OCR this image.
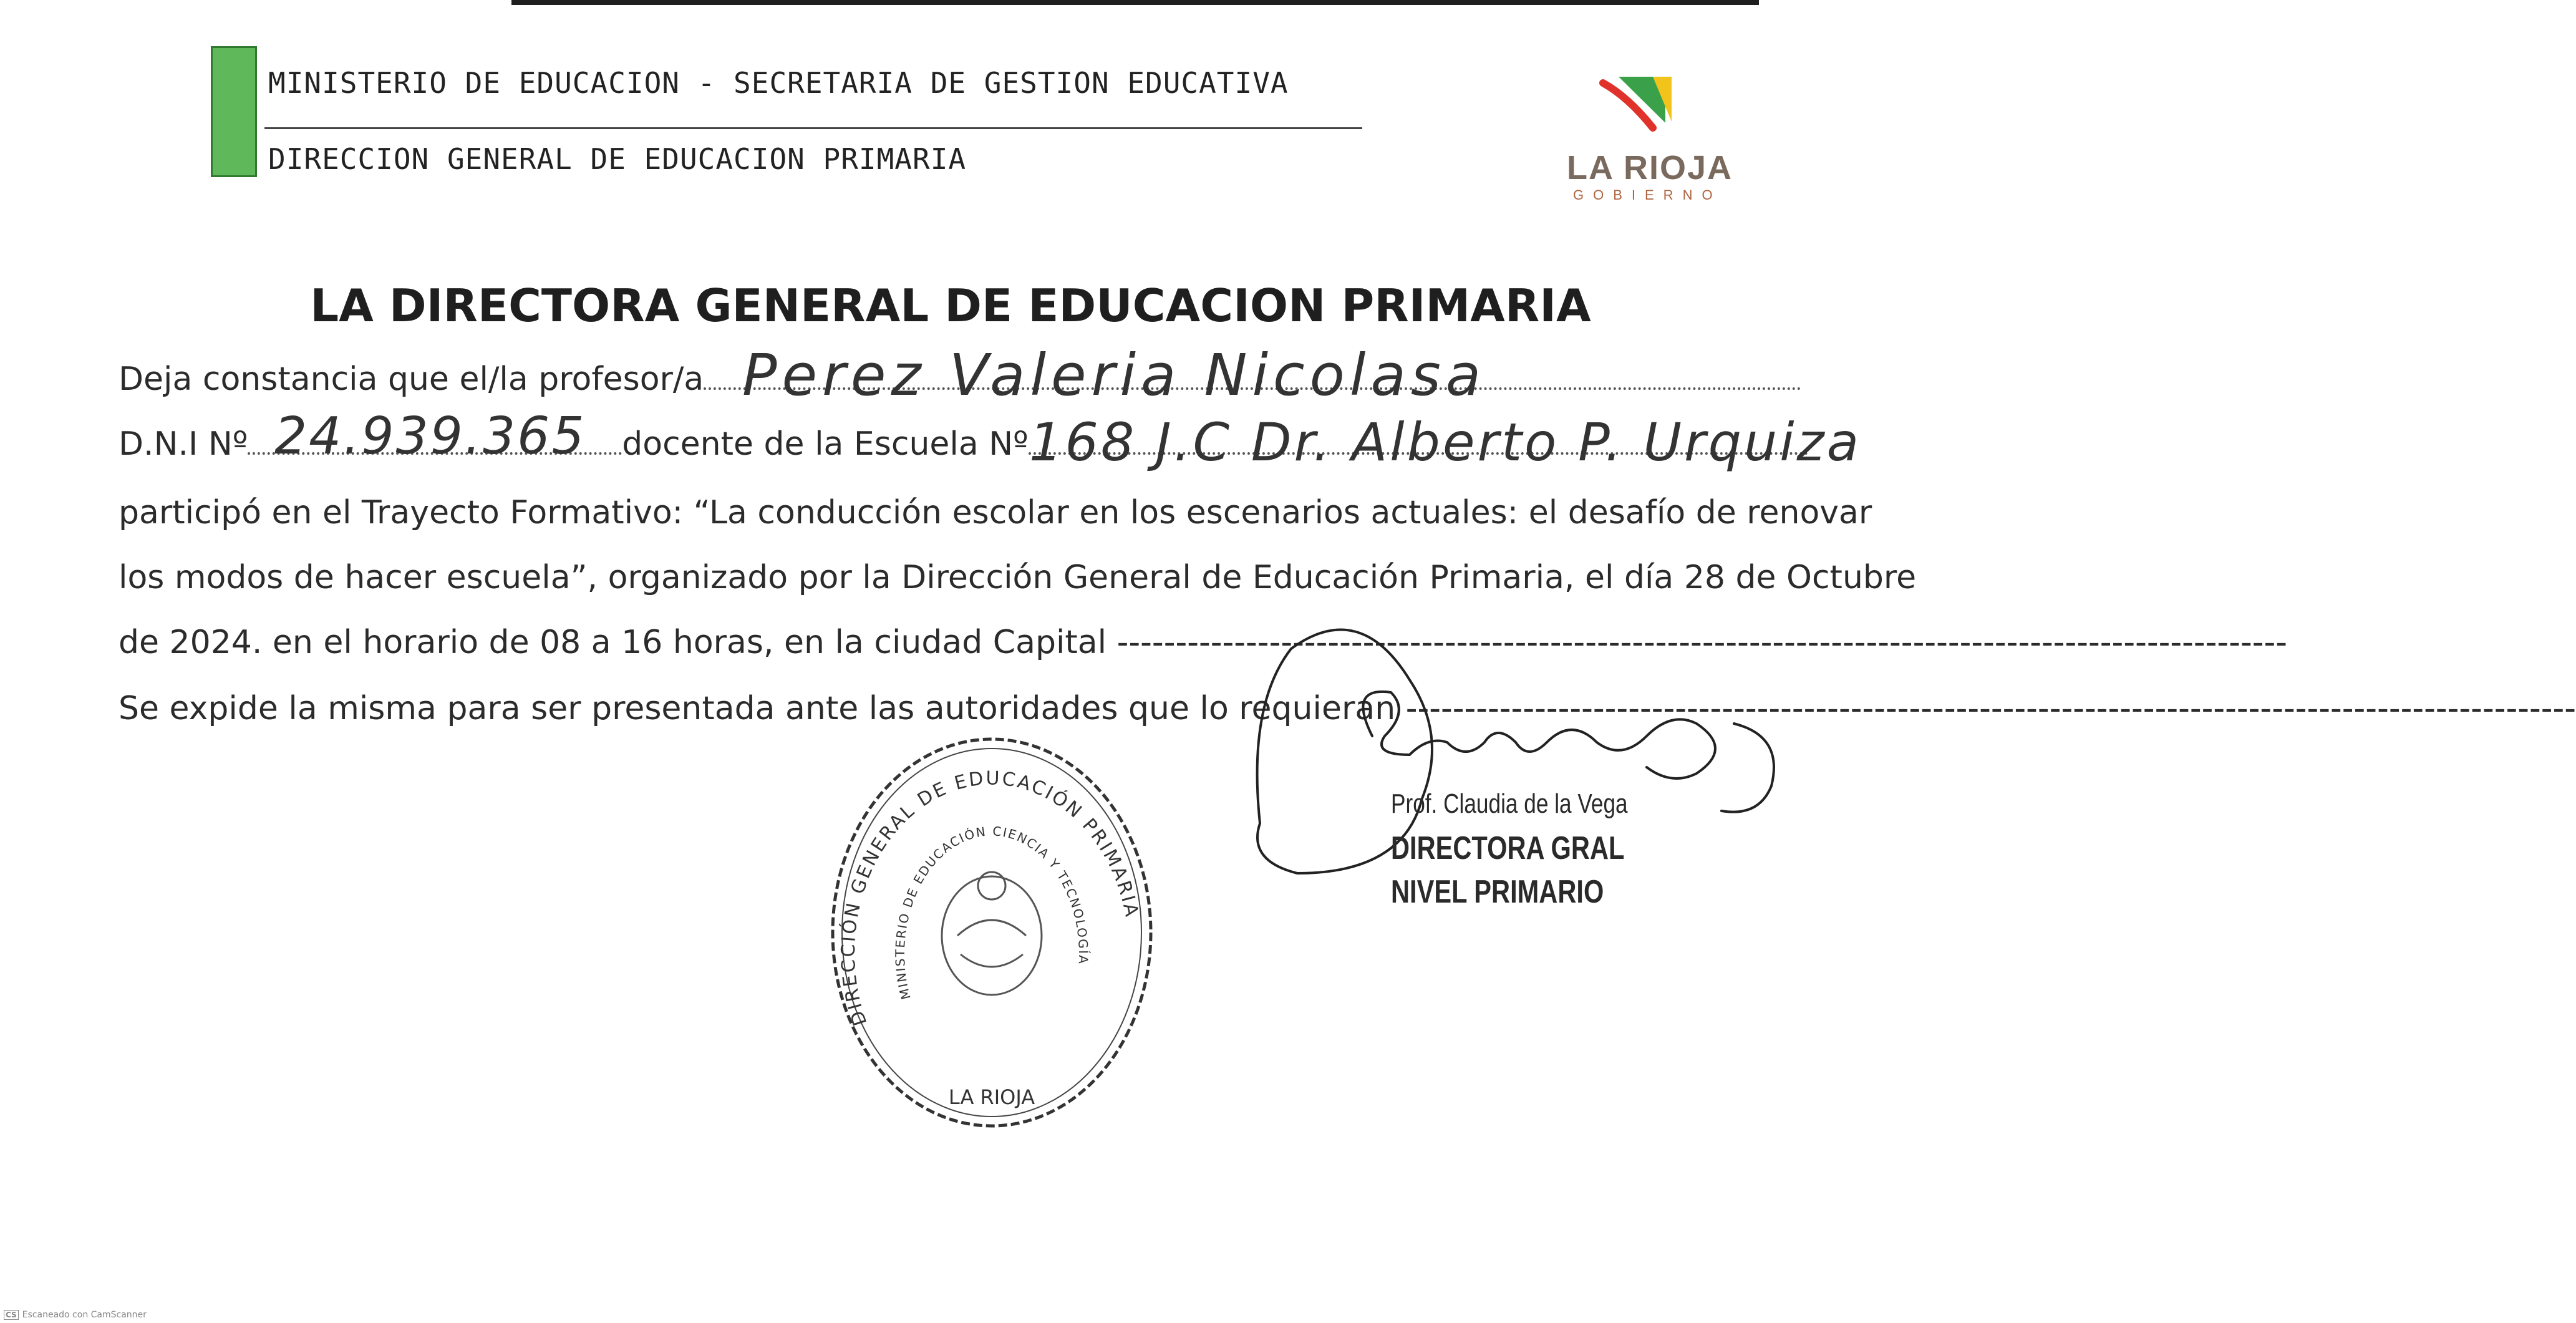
MINISTERIO DE EDUCACION - SECRETARIA DE GESTION EDUCATIVA
DIRECCION GENERAL DE EDUCACION PRIMARIA	LA RIOJA
GOBIERNO
LA DIRECTORA GENERAL DE EDUCACION PRIMARIA
Deja constancia que el/la profesor/a Perez Valeria Nicolasa
D.N.I Nº	docente de la Escuela Nº
24.939.365	168 J.C Dr. Alberto P. Urquiza
participó en el Trayecto Formativo: “La conducción escolar en los escenarios actuales: el desafío de renovar
los modos de hacer escuela”, organizado por la Dirección General de Educación Primaria, el día 28 de Octubre
de 2024. en el horario de 08 a 16 horas, en la ciudad Capital ----------------------------------------------------------------------------------------------------
Se expide la misma para ser presentada ante las autoridades que lo requieran ----------------------------------------------------------------------------------------------------
DIRECCIÓN GENERAL DE EDUCACIÓN PRIMARIA
MINISTERIO DE EDUCACIÓN CIENCIA Y TECNOLOGÍA
LA RIOJA
Prof. Claudia de la Vega
DIRECTORA GRAL
NIVEL PRIMARIO
CS Escaneado con CamScanner
